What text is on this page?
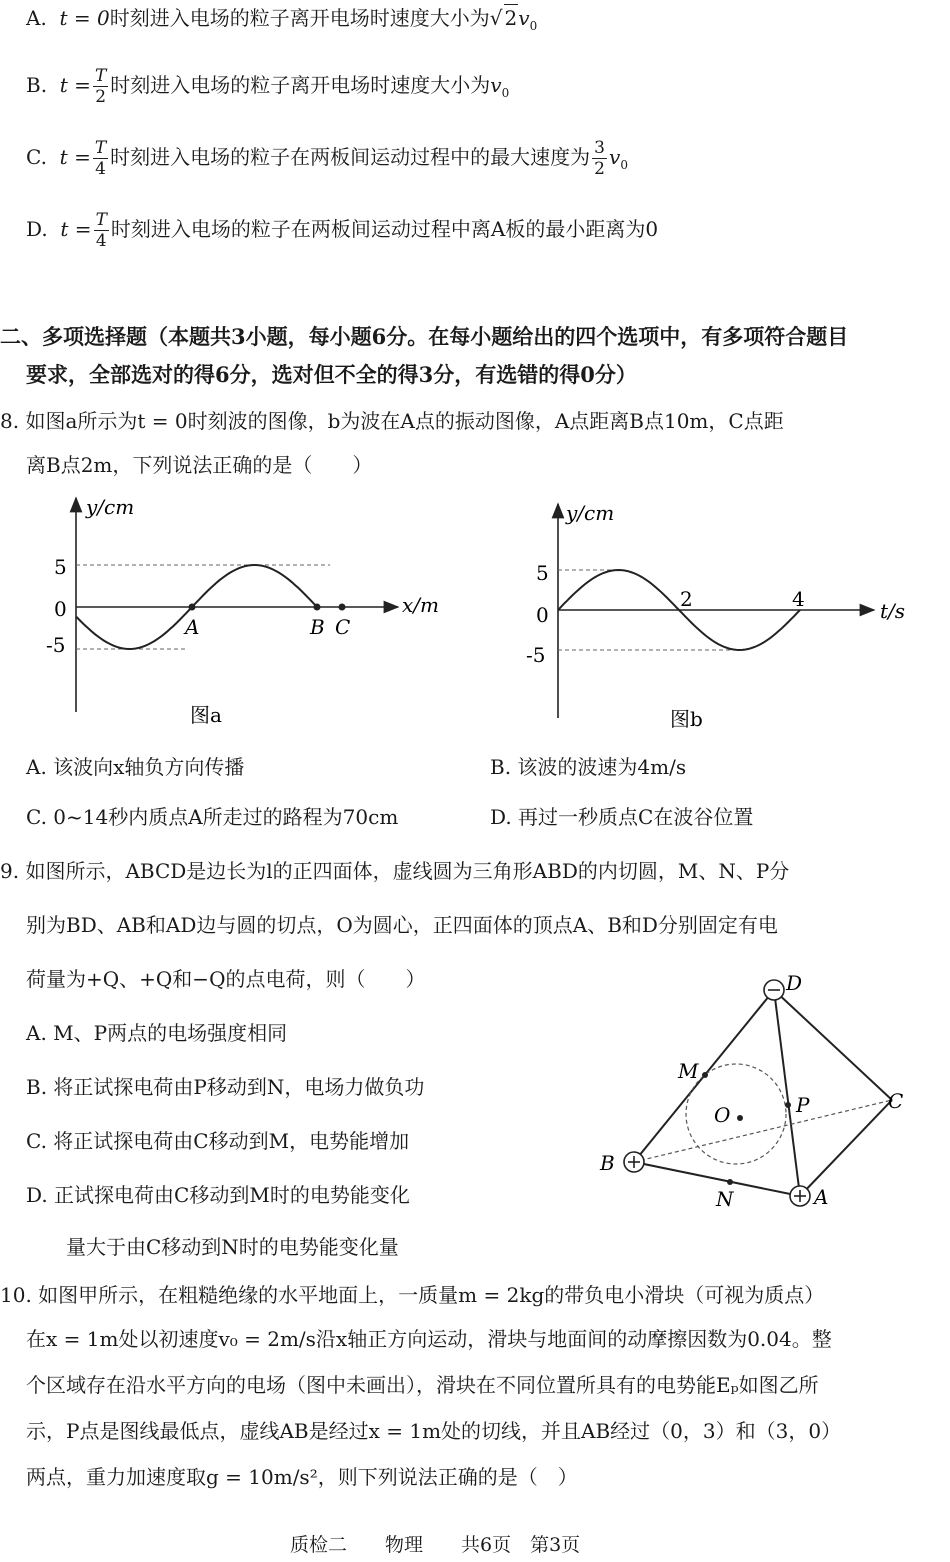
A. t = 0时刻进入电场的粒子离开电场时速度大小为√ $2v_0$
B. $t = \frac{T}{2}$ 时刻进入电场的粒子离开电场时速度大小为$v_0$
C. $t = \frac{T}{4}$ 时刻进入电场的粒子在两板间运动过程中的最大速度为 $\frac{3}{2} v_0$
D. $t = \frac{T}{4}$ 时刻进入电场的粒子在两板间运动过程中离A板的最小距离为0
二、多项选择题（本题共3小题，每小题6分。在每小题给出的四个选项中，有多项符合题目
要求，全部选对的得6分，选对但不全的得3分，有选错的得0分）
8. 如图a所示为t = 0时刻波的图像，b为波在A点的振动图像，A点距离B点10m，C点距
离B点2m，下列说法正确的是（　　）
y/cm
x/m
5
0
-5
A	B C
图a
y/cm
t/s
5
0
-5
2	4
图b
A. 该波向x轴负方向传播	B. 该波的波速为4m/s
C. 0~14秒内质点A所走过的路程为70cm	D. 再过一秒质点C在波谷位置
9. 如图所示，ABCD是边长为l的正四面体，虚线圆为三角形ABD的内切圆，M、N、P分
别为BD、AB和AD边与圆的切点，O为圆心，正四面体的顶点A、B和D分别固定有电
荷量为+Q、+Q和−Q的点电荷，则（　　）
A. M、P两点的电场强度相同
B. 将正试探电荷由P移动到N，电场力做负功
C. 将正试探电荷由C移动到M，电势能增加
D. 正试探电荷由C移动到M时的电势能变化
量大于由C移动到N时的电势能变化量
D
M
O	P	C
B
N	A
10. 如图甲所示，在粗糙绝缘的水平地面上，一质量m = 2kg的带负电小滑块（可视为质点）
在x = 1m处以初速度v₀ = 2m/s沿x轴正方向运动，滑块与地面间的动摩擦因数为0.04。整
个区域存在沿水平方向的电场（图中未画出），滑块在不同位置所具有的电势能Eₚ如图乙所
示，P点是图线最低点，虚线AB是经过x = 1m处的切线，并且AB经过（0，3）和（3，0）
两点，重力加速度取g = 10m/s²，则下列说法正确的是（　）
质检二　　物理　　共6页　第3页
